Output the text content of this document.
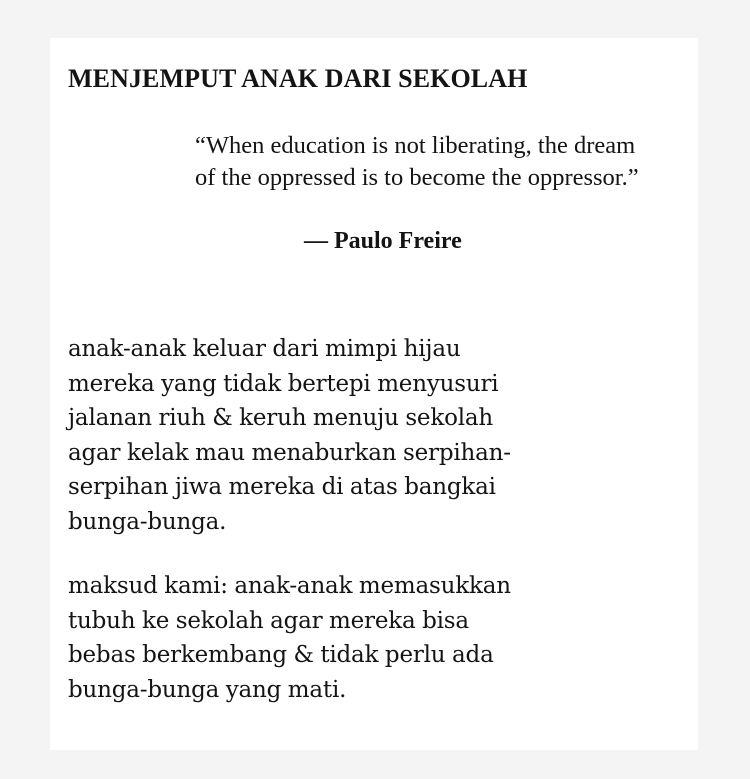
MENJEMPUT ANAK DARI SEKOLAH
“When education is not liberating, the dream
of the oppressed is to become the oppressor.”

— Paulo Freire

anak-anak keluar dari mimpi hijau
mereka yang tidak bertepi menyusuri
jalanan riuh & keruh menuju sekolah
agar kelak mau menaburkan serpihan-
serpihan jiwa mereka di atas bangkai
bunga-bunga.

maksud kami: anak-anak memasukkan
tubuh ke sekolah agar mereka bisa
bebas berkembang & tidak perlu ada
bunga-bunga yang mati.
